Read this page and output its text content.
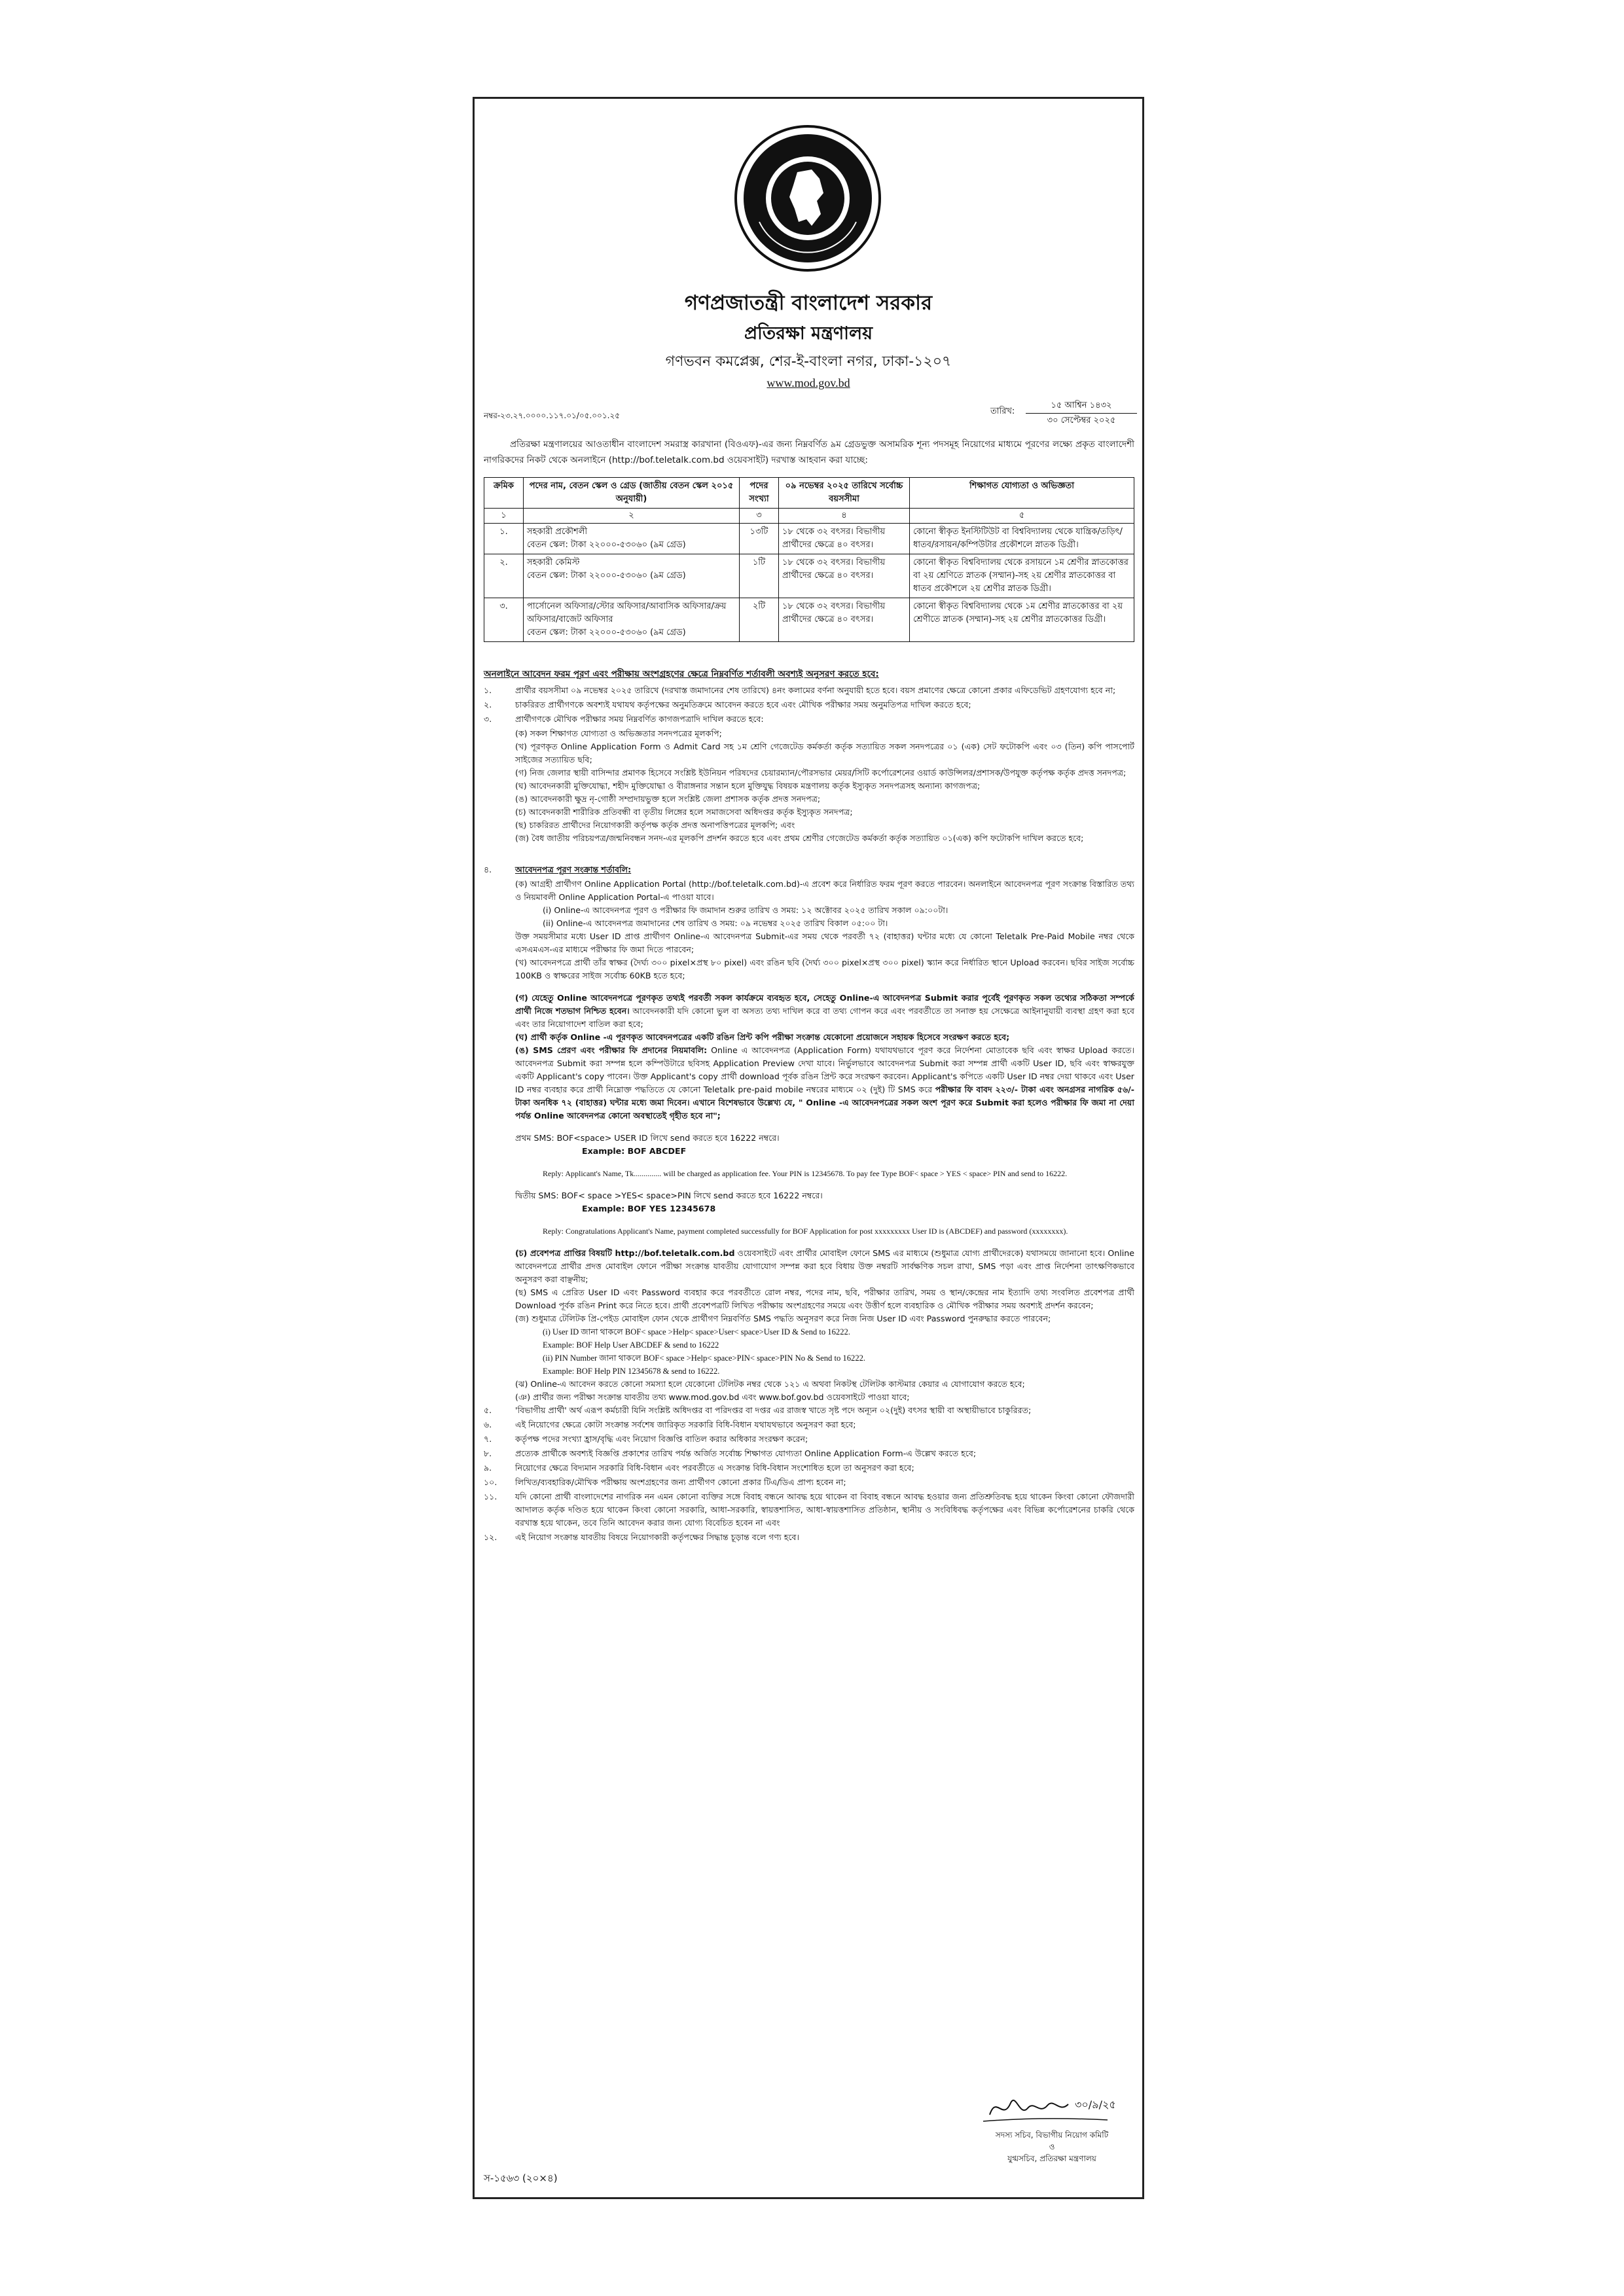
গণপ্রজাতন্ত্রী বাংলাদেশ সরকার
প্রতিরক্ষা মন্ত্রণালয়
গণভবন কমপ্লেক্স, শের-ই-বাংলা নগর, ঢাকা-১২০৭
www.mod.gov.bd
নম্বর-২৩.২৭.০০০০.১১৭.০১/০৫.০০১.২৫	তারিখ:
১৫ আশ্বিন ১৪৩২
৩০ সেপ্টেম্বর ২০২৫
প্রতিরক্ষা মন্ত্রণালয়ের আওতাধীন বাংলাদেশ সমরাস্ত্র কারখানা (বিওএফ)-এর জন্য নিম্নবর্ণিত ৯ম গ্রেডভুক্ত অসামরিক শূন্য পদসমূহ নিয়োগের মাধ্যমে পূরণের লক্ষ্যে প্রকৃত বাংলাদেশী নাগরিকদের নিকট থেকে অনলাইনে (http://bof.teletalk.com.bd ওয়েবসাইট) দরখাস্ত আহবান করা যাচ্ছে:
ক্রমিক	পদের নাম, বেতন স্কেল ও গ্রেড (জাতীয় বেতন স্কেল ২০১৫ অনুযায়ী)	পদের সংখ্যা	০৯ নভেম্বর ২০২৫ তারিখে সর্বোচ্চ বয়সসীমা	শিক্ষাগত যোগ্যতা ও অভিজ্ঞতা
১	২	৩	৪	৫
১.	সহকারী প্রকৌশলী
বেতন স্কেল: টাকা ২২০০০-৫৩০৬০ (৯ম গ্রেড)	১৩টি	১৮ থেকে ৩২ বৎসর। বিভাগীয় প্রার্থীদের ক্ষেত্রে ৪০ বৎসর।	কোনো স্বীকৃত ইনস্টিটিউট বা বিশ্ববিদ্যালয় থেকে যান্ত্রিক/তড়িৎ/ধাতব/রসায়ন/কম্পিউটার প্রকৌশলে স্নাতক ডিগ্রী।
২.	সহকারী কেমিস্ট
বেতন স্কেল: টাকা ২২০০০-৫৩০৬০ (৯ম গ্রেড)	১টি	১৮ থেকে ৩২ বৎসর। বিভাগীয় প্রার্থীদের ক্ষেত্রে ৪০ বৎসর।	কোনো স্বীকৃত বিশ্ববিদ্যালয় থেকে রসায়নে ১ম শ্রেণীর স্নাতকোত্তর বা ২য় শ্রেণিতে স্নাতক (সম্মান)-সহ ২য় শ্রেণীর স্নাতকোত্তর বা ধাতব প্রকৌশলে ২য় শ্রেণীর স্নাতক ডিগ্রী।
৩.	পার্সোনেল অফিসার/স্টোর অফিসার/আবাসিক অফিসার/ক্রয় অফিসার/বাজেট অফিসার
বেতন স্কেল: টাকা ২২০০০-৫৩০৬০ (৯ম গ্রেড)	২টি	১৮ থেকে ৩২ বৎসর। বিভাগীয় প্রার্থীদের ক্ষেত্রে ৪০ বৎসর।	কোনো স্বীকৃত বিশ্ববিদ্যালয় থেকে ১ম শ্রেণীর স্নাতকোত্তর বা ২য় শ্রেণীতে স্নাতক (সম্মান)-সহ ২য় শ্রেণীর স্নাতকোত্তর ডিগ্রী।
অনলাইনে আবেদন ফরম পূরণ এবং পরীক্ষায় অংশগ্রহণের ক্ষেত্রে নিম্নবর্ণিত শর্তাবলী অবশ্যই অনুসরণ করতে হবে:
১.	প্রার্থীর বয়সসীমা ০৯ নভেম্বর ২০২৫ তারিখে (দরখাস্ত জমাদানের শেষ তারিখে) ৪নং কলামের বর্ণনা অনুযায়ী হতে হবে। বয়স প্রমাণের ক্ষেত্রে কোনো প্রকার এফিডেভিট গ্রহণযোগ্য হবে না;
২.	চাকরিরত প্রার্থীগণকে অবশ্যই যথাযথ কর্তৃপক্ষের অনুমতিক্রমে আবেদন করতে হবে এবং মৌখিক পরীক্ষার সময় অনুমতিপত্র দাখিল করতে হবে;
৩.	প্রার্থীগণকে মৌখিক পরীক্ষার সময় নিম্নবর্ণিত কাগজপত্রাদি দাখিল করতে হবে:
(ক) সকল শিক্ষাগত যোগ্যতা ও অভিজ্ঞতার সনদপত্রের মূলকপি;
(খ) পূরণকৃত Online Application Form ও Admit Card সহ ১ম শ্রেণি গেজেটেড কর্মকর্তা কর্তৃক সত্যায়িত সকল সনদপত্রের ০১ (এক) সেট ফটোকপি এবং ০৩ (তিন) কপি পাসপোর্ট সাইজের সত্যায়িত ছবি;
(গ) নিজ জেলার স্থায়ী বাসিন্দার প্রমাণক হিসেবে সংশ্লিষ্ট ইউনিয়ন পরিষদের চেয়ারম্যান/পৌরসভার মেয়র/সিটি কর্পোরেশনের ওয়ার্ড কাউন্সিলর/প্রশাসক/উপযুক্ত কর্তৃপক্ষ কর্তৃক প্রদত্ত সনদপত্র;
(ঘ) আবেদনকারী মুক্তিযোদ্ধা, শহীদ মুক্তিযোদ্ধা ও বীরাঙ্গনার সন্তান হলে মুক্তিযুদ্ধ বিষয়ক মন্ত্রণালয় কর্তৃক ইস্যুকৃত সনদপত্রসহ অন্যান্য কাগজপত্র;
(ঙ) আবেদনকারী ক্ষুদ্র নৃ-গোষ্ঠী সম্প্রদায়ভুক্ত হলে সংশ্লিষ্ট জেলা প্রশাসক কর্তৃক প্রদত্ত সনদপত্র;
(চ) আবেদনকারী শারীরিক প্রতিবন্ধী বা তৃতীয় লিঙ্গের হলে সমাজসেবা অধিদপ্তর কর্তৃক ইস্যুকৃত সনদপত্র;
(ছ) চাকরিরত প্রার্থীদের নিয়োগকারী কর্তৃপক্ষ কর্তৃক প্রদত্ত অনাপত্তিপত্রের মূলকপি; এবং
(জ) বৈধ জাতীয় পরিচয়পত্র/জন্মনিবন্ধন সনদ-এর মূলকপি প্রদর্শন করতে হবে এবং প্রথম শ্রেণীর গেজেটেড কর্মকর্তা কর্তৃক সত্যায়িত ০১(এক) কপি ফটোকপি দাখিল করতে হবে;
৪.	আবেদনপত্র পূরণ সংক্রান্ত শর্তাবলি:
(ক) আগ্রহী প্রার্থীগণ Online Application Portal (http://bof.teletalk.com.bd)-এ প্রবেশ করে নির্ধারিত ফরম পূরণ করতে পারবেন। অনলাইনে আবেদনপত্র পূরণ সংক্রান্ত বিস্তারিত তথ্য ও নিয়মাবলী Online Application Portal-এ পাওয়া যাবে।
(i) Online-এ আবেদনপত্র পূরণ ও পরীক্ষার ফি জমাদান শুরুর তারিখ ও সময়: ১২ অক্টোবর ২০২৫ তারিখ সকাল ০৯:০০টা।
(ii) Online-এ আবেদনপত্র জমাদানের শেষ তারিখ ও সময়: ০৯ নভেম্বর ২০২৫ তারিখ বিকাল ০৫:০০ টা।
উক্ত সময়সীমার মধ্যে User ID প্রাপ্ত প্রার্থীগণ Online-এ আবেদনপত্র Submit-এর সময় থেকে পরবর্তী ৭২ (বাহাত্তর) ঘন্টার মধ্যে যে কোনো Teletalk Pre-Paid Mobile নম্বর থেকে এসএমএস-এর মাধ্যমে পরীক্ষার ফি জমা দিতে পারবেন;
(খ) আবেদনপত্রে প্রার্থী তাঁর স্বাক্ষর (দৈর্ঘ্য ৩০০ pixel×প্রস্থ ৮০ pixel) এবং রঙিন ছবি (দৈর্ঘ্য ৩০০ pixel×প্রস্থ ৩০০ pixel) স্ক্যান করে নির্ধারিত স্থানে Upload করবেন। ছবির সাইজ সর্বোচ্চ 100KB ও স্বাক্ষরের সাইজ সর্বোচ্চ 60KB হতে হবে;
(গ) যেহেতু Online আবেদনপত্রে পূরণকৃত তথ্যই পরবর্তী সকল কার্যক্রমে ব্যবহৃত হবে, সেহেতু Online-এ আবেদনপত্র Submit করার পূর্বেই পূরণকৃত সকল তথ্যের সঠিকতা সম্পর্কে প্রার্থী নিজে শতভাগ নিশ্চিত হবেন। আবেদনকারী যদি কোনো ভুল বা অসত্য তথ্য দাখিল করে বা তথ্য গোপন করে এবং পরবর্তীতে তা সনাক্ত হয় সেক্ষেত্রে আইনানুযায়ী ব্যবস্থা গ্রহণ করা হবে এবং তার নিয়োগাদেশ বাতিল করা হবে;
(ঘ) প্রার্থী কর্তৃক Online -এ পূরণকৃত আবেদনপত্রের একটি রঙিন প্রিন্ট কপি পরীক্ষা সংক্রান্ত যেকোনো প্রয়োজনে সহায়ক হিসেবে সংরক্ষণ করতে হবে;
(ঙ) SMS প্রেরণ এবং পরীক্ষার ফি প্রদানের নিয়মাবলি: Online এ আবেদনপত্র (Application Form) যথাযথভাবে পূরণ করে নির্দেশনা মোতাবেক ছবি এবং স্বাক্ষর Upload করতে। আবেদনপত্র Submit করা সম্পন্ন হলে কম্পিউটারে ছবিসহ Application Preview দেখা যাবে। নির্ভুলভাবে আবেদনপত্র Submit করা সম্পন্ন প্রার্থী একটি User ID, ছবি এবং স্বাক্ষরযুক্ত একটি Applicant's copy পাবেন। উক্ত Applicant's copy প্রার্থী download পূর্বক রঙিন প্রিন্ট করে সংরক্ষণ করবেন। Applicant's কপিতে একটি User ID নম্বর দেয়া থাকবে এবং User ID নম্বর ব্যবহার করে প্রার্থী নিম্নোক্ত পদ্ধতিতে যে কোনো Teletalk pre-paid mobile নম্বরের মাধ্যমে ০২ (দুই) টি SMS করে পরীক্ষার ফি বাবদ ২২৩/- টাকা এবং অনগ্রসর নাগরিক ৫৬/- টাকা অনধিক ৭২ (বাহাত্তর) ঘন্টার মধ্যে জমা দিবেন। এখানে বিশেষভাবে উল্লেখ্য যে, " Online -এ আবেদনপত্রের সকল অংশ পূরণ করে Submit করা হলেও পরীক্ষার ফি জমা না দেয়া পর্যন্ত Online আবেদনপত্র কোনো অবস্থাতেই গৃহীত হবে না";
প্রথম SMS: BOF<space> USER ID লিখে send করতে হবে 16222 নম্বরে।
Example: BOF ABCDEF
Reply: Applicant's Name, Tk.............. will be charged as application fee. Your PIN is 12345678. To pay fee Type BOF< space > YES < space> PIN and send to 16222.
দ্বিতীয় SMS: BOF< space >YES< space>PIN লিখে send করতে হবে 16222 নম্বরে।
Example: BOF YES 12345678
Reply: Congratulations Applicant's Name, payment completed successfully for BOF Application for post xxxxxxxxx User ID is (ABCDEF) and password (xxxxxxxx).
(চ) প্রবেশপত্র প্রাপ্তির বিষয়টি http://bof.teletalk.com.bd ওয়েবসাইটে এবং প্রার্থীর মোবাইল ফোনে SMS এর মাধ্যমে (শুধুমাত্র যোগ্য প্রার্থীদেরকে) যথাসময়ে জানানো হবে। Online আবেদনপত্রে প্রার্থীর প্রদত্ত মোবাইল ফোনে পরীক্ষা সংক্রান্ত যাবতীয় যোগাযোগ সম্পন্ন করা হবে বিধায় উক্ত নম্বরটি সার্বক্ষণিক সচল রাখা, SMS পড়া এবং প্রাপ্ত নির্দেশনা তাৎক্ষণিকভাবে অনুসরণ করা বাঞ্ছনীয়;
(ছ) SMS এ প্রেরিত User ID এবং Password ব্যবহার করে পরবর্তীতে রোল নম্বর, পদের নাম, ছবি, পরীক্ষার তারিখ, সময় ও স্থান/কেন্দ্রের নাম ইত্যাদি তথ্য সংবলিত প্রবেশপত্র প্রার্থী Download পূর্বক রঙিন Print করে নিতে হবে। প্রার্থী প্রবেশপত্রটি লিখিত পরীক্ষায় অংশগ্রহণের সময়ে এবং উত্তীর্ণ হলে ব্যবহারিক ও মৌখিক পরীক্ষার সময় অবশ্যই প্রদর্শন করবেন;
(জ) শুধুমাত্র টেলিটক প্রি-পেইড মোবাইল ফোন থেকে প্রার্থীগণ নিম্নবর্ণিত SMS পদ্ধতি অনুসরণ করে নিজ নিজ User ID এবং Password পুনরুদ্ধার করতে পারবেন;
(i) User ID জানা থাকলে BOF< space >Help< space>User< space>User ID & Send to 16222.
Example: BOF Help User ABCDEF & send to 16222
(ii) PIN Number জানা থাকলে BOF< space >Help< space>PIN< space>PIN No & Send to 16222.
Example: BOF Help PIN 12345678 & send to 16222.
(ঝ) Online-এ আবেদন করতে কোনো সমস্যা হলে যেকোনো টেলিটক নম্বর থেকে ১২১ এ অথবা নিকটস্থ টেলিটক কাস্টমার কেয়ার এ যোগাযোগ করতে হবে;
(ঞ) প্রার্থীর জন্য পরীক্ষা সংক্রান্ত যাবতীয় তথ্য www.mod.gov.bd এবং www.bof.gov.bd ওয়েবসাইটে পাওয়া যাবে;
৫.	'বিভাগীয় প্রার্থী' অর্থ এরূপ কর্মচারী যিনি সংশ্লিষ্ট অধিদপ্তর বা পরিদপ্তর বা দপ্তর এর রাজস্ব খাতে সৃষ্ট পদে অন্যূন ০২(দুই) বৎসর স্থায়ী বা অস্থায়ীভাবে চাকুরিরত;
৬.	এই নিয়োগের ক্ষেত্রে কোটা সংক্রান্ত সর্বশেষ জারিকৃত সরকারি বিধি-বিধান যথাযথভাবে অনুসরণ করা হবে;
৭.	কর্তৃপক্ষ পদের সংখ্যা হ্রাস/বৃদ্ধি এবং নিয়োগ বিজ্ঞপ্তি বাতিল করার অধিকার সংরক্ষণ করেন;
৮.	প্রত্যেক প্রার্থীকে অবশ্যই বিজ্ঞপ্তি প্রকাশের তারিখ পর্যন্ত অর্জিত সর্বোচ্চ শিক্ষাগত যোগ্যতা Online Application Form-এ উল্লেখ করতে হবে;
৯.	নিয়োগের ক্ষেত্রে বিদ্যমান সরকারি বিধি-বিধান এবং পরবর্তীতে এ সংক্রান্ত বিধি-বিধান সংশোধিত হলে তা অনুসরণ করা হবে;
১০.	লিখিত/ব্যবহারিক/মৌখিক পরীক্ষায় অংশগ্রহণের জন্য প্রার্থীগণ কোনো প্রকার টিএ/ডিএ প্রাপ্য হবেন না;
১১.	যদি কোনো প্রার্থী বাংলাদেশের নাগরিক নন এমন কোনো ব্যক্তির সঙ্গে বিবাহ বন্ধনে আবদ্ধ হয়ে থাকেন বা বিবাহ বন্ধনে আবদ্ধ হওয়ার জন্য প্রতিশ্রুতিবদ্ধ হয়ে থাকেন কিংবা কোনো ফৌজদারী আদালত কর্তৃক দণ্ডিত হয়ে থাকেন কিংবা কোনো সরকারি, আধা-সরকারি, স্বায়ত্তশাসিত, আধা-স্বায়ত্তশাসিত প্রতিষ্ঠান, স্থানীয় ও সংবিধিবদ্ধ কর্তৃপক্ষের এবং বিভিন্ন কর্পোরেশনের চাকরি থেকে বরখাস্ত হয়ে থাকেন, তবে তিনি আবেদন করার জন্য যোগ্য বিবেচিত হবেন না এবং
১২.	এই নিয়োগ সংক্রান্ত যাবতীয় বিষয়ে নিয়োগকারী কর্তৃপক্ষের সিদ্ধান্ত চূড়ান্ত বলে গণ্য হবে।
৩০/৯/২৫
সদস্য সচিব, বিভাগীয় নিয়োগ কমিটি
ও
যুগ্মসচিব, প্রতিরক্ষা মন্ত্রণালয়
স-১৫৬৩ (২০×৪)
